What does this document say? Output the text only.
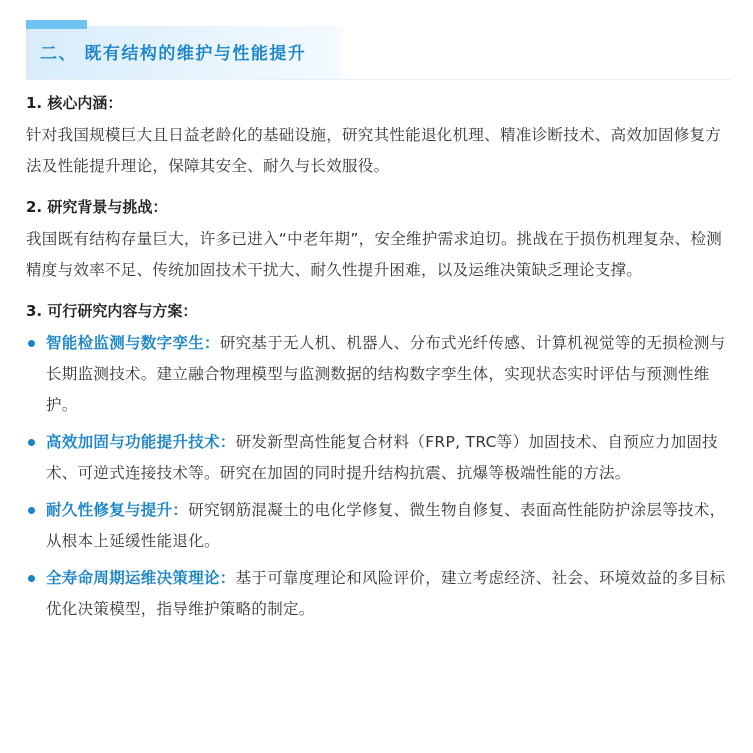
二、 既有结构的维护与性能提升
1. 核心内涵：

针对我国规模巨大且日益老龄化的基础设施，研究其性能退化机理、精准诊断技术、高效加固修复方法及性能提升理论，保障其安全、耐久与长效服役。

2. 研究背景与挑战：

我国既有结构存量巨大，许多已进入“中老年期”，安全维护需求迫切。挑战在于损伤机理复杂、检测精度与效率不足、传统加固技术干扰大、耐久性提升困难，以及运维决策缺乏理论支撑。

3. 可行研究内容与方案：
智能检监测与数字孪生：研究基于无人机、机器人、分布式光纤传感、计算机视觉等的无损检测与长期监测技术。建立融合物理模型与监测数据的结构数字孪生体，实现状态实时评估与预测性维护。
高效加固与功能提升技术：研发新型高性能复合材料（FRP, TRC等）加固技术、自预应力加固技术、可逆式连接技术等。研究在加固的同时提升结构抗震、抗爆等极端性能的方法。
耐久性修复与提升：研究钢筋混凝土的电化学修复、微生物自修复、表面高性能防护涂层等技术，从根本上延缓性能退化。
全寿命周期运维决策理论：基于可靠度理论和风险评价，建立考虑经济、社会、环境效益的多目标优化决策模型，指导维护策略的制定。
